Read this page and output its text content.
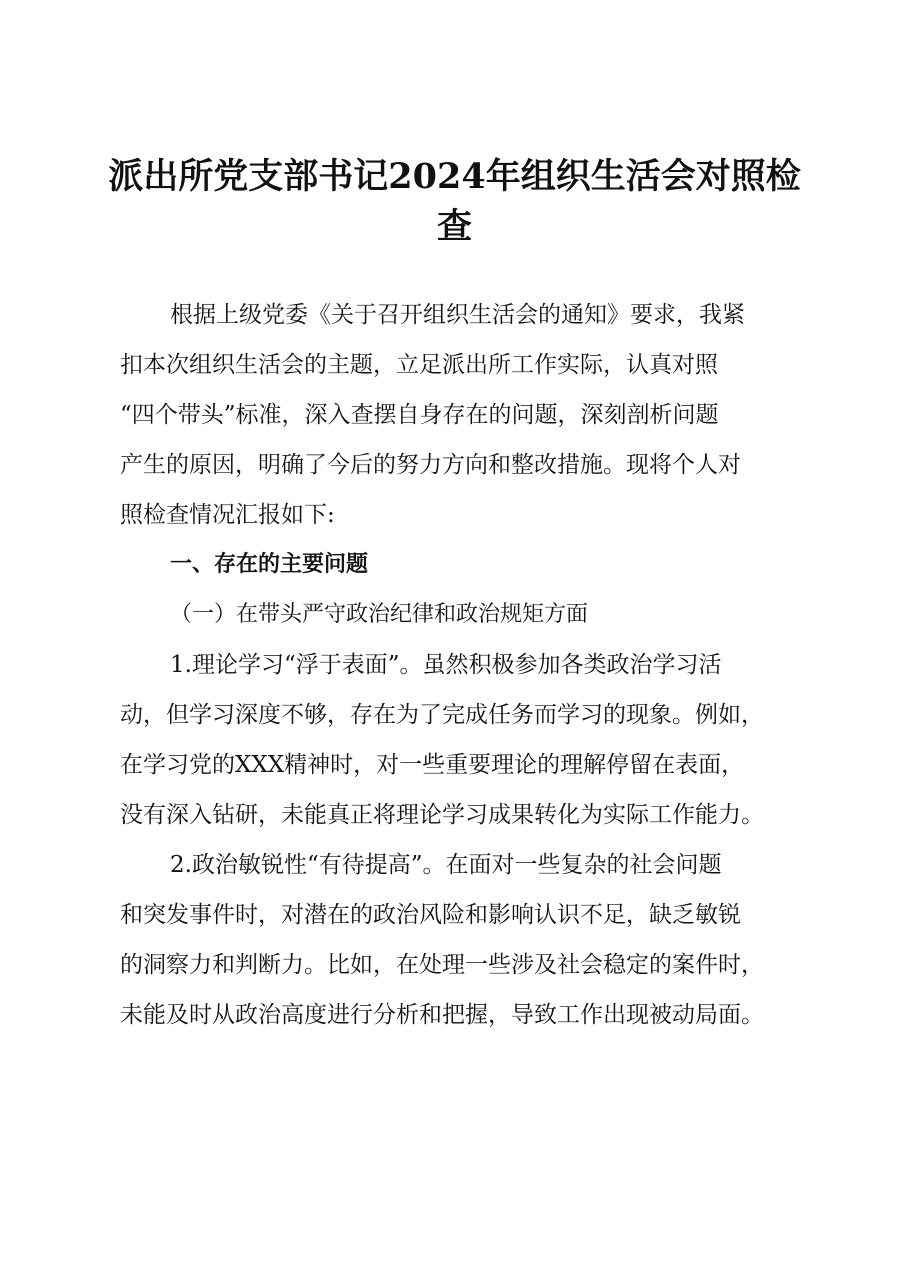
派出所党支部书记2024年组织生活会对照检
查
根据上级党委《关于召开组织生活会的通知》要求，我紧
扣本次组织生活会的主题，立足派出所工作实际，认真对照
“四个带头”标准，深入查摆自身存在的问题，深刻剖析问题
产生的原因，明确了今后的努力方向和整改措施。现将个人对
照检查情况汇报如下:
一、存在的主要问题
（一）在带头严守政治纪律和政治规矩方面
1.理论学习“浮于表面”。虽然积极参加各类政治学习活
动，但学习深度不够，存在为了完成任务而学习的现象。例如，
在学习党的XXX精神时，对一些重要理论的理解停留在表面，
没有深入钻研，未能真正将理论学习成果转化为实际工作能力。
2.政治敏锐性“有待提高”。在面对一些复杂的社会问题
和突发事件时，对潜在的政治风险和影响认识不足，缺乏敏锐
的洞察力和判断力。比如，在处理一些涉及社会稳定的案件时，
未能及时从政治高度进行分析和把握，导致工作出现被动局面。
